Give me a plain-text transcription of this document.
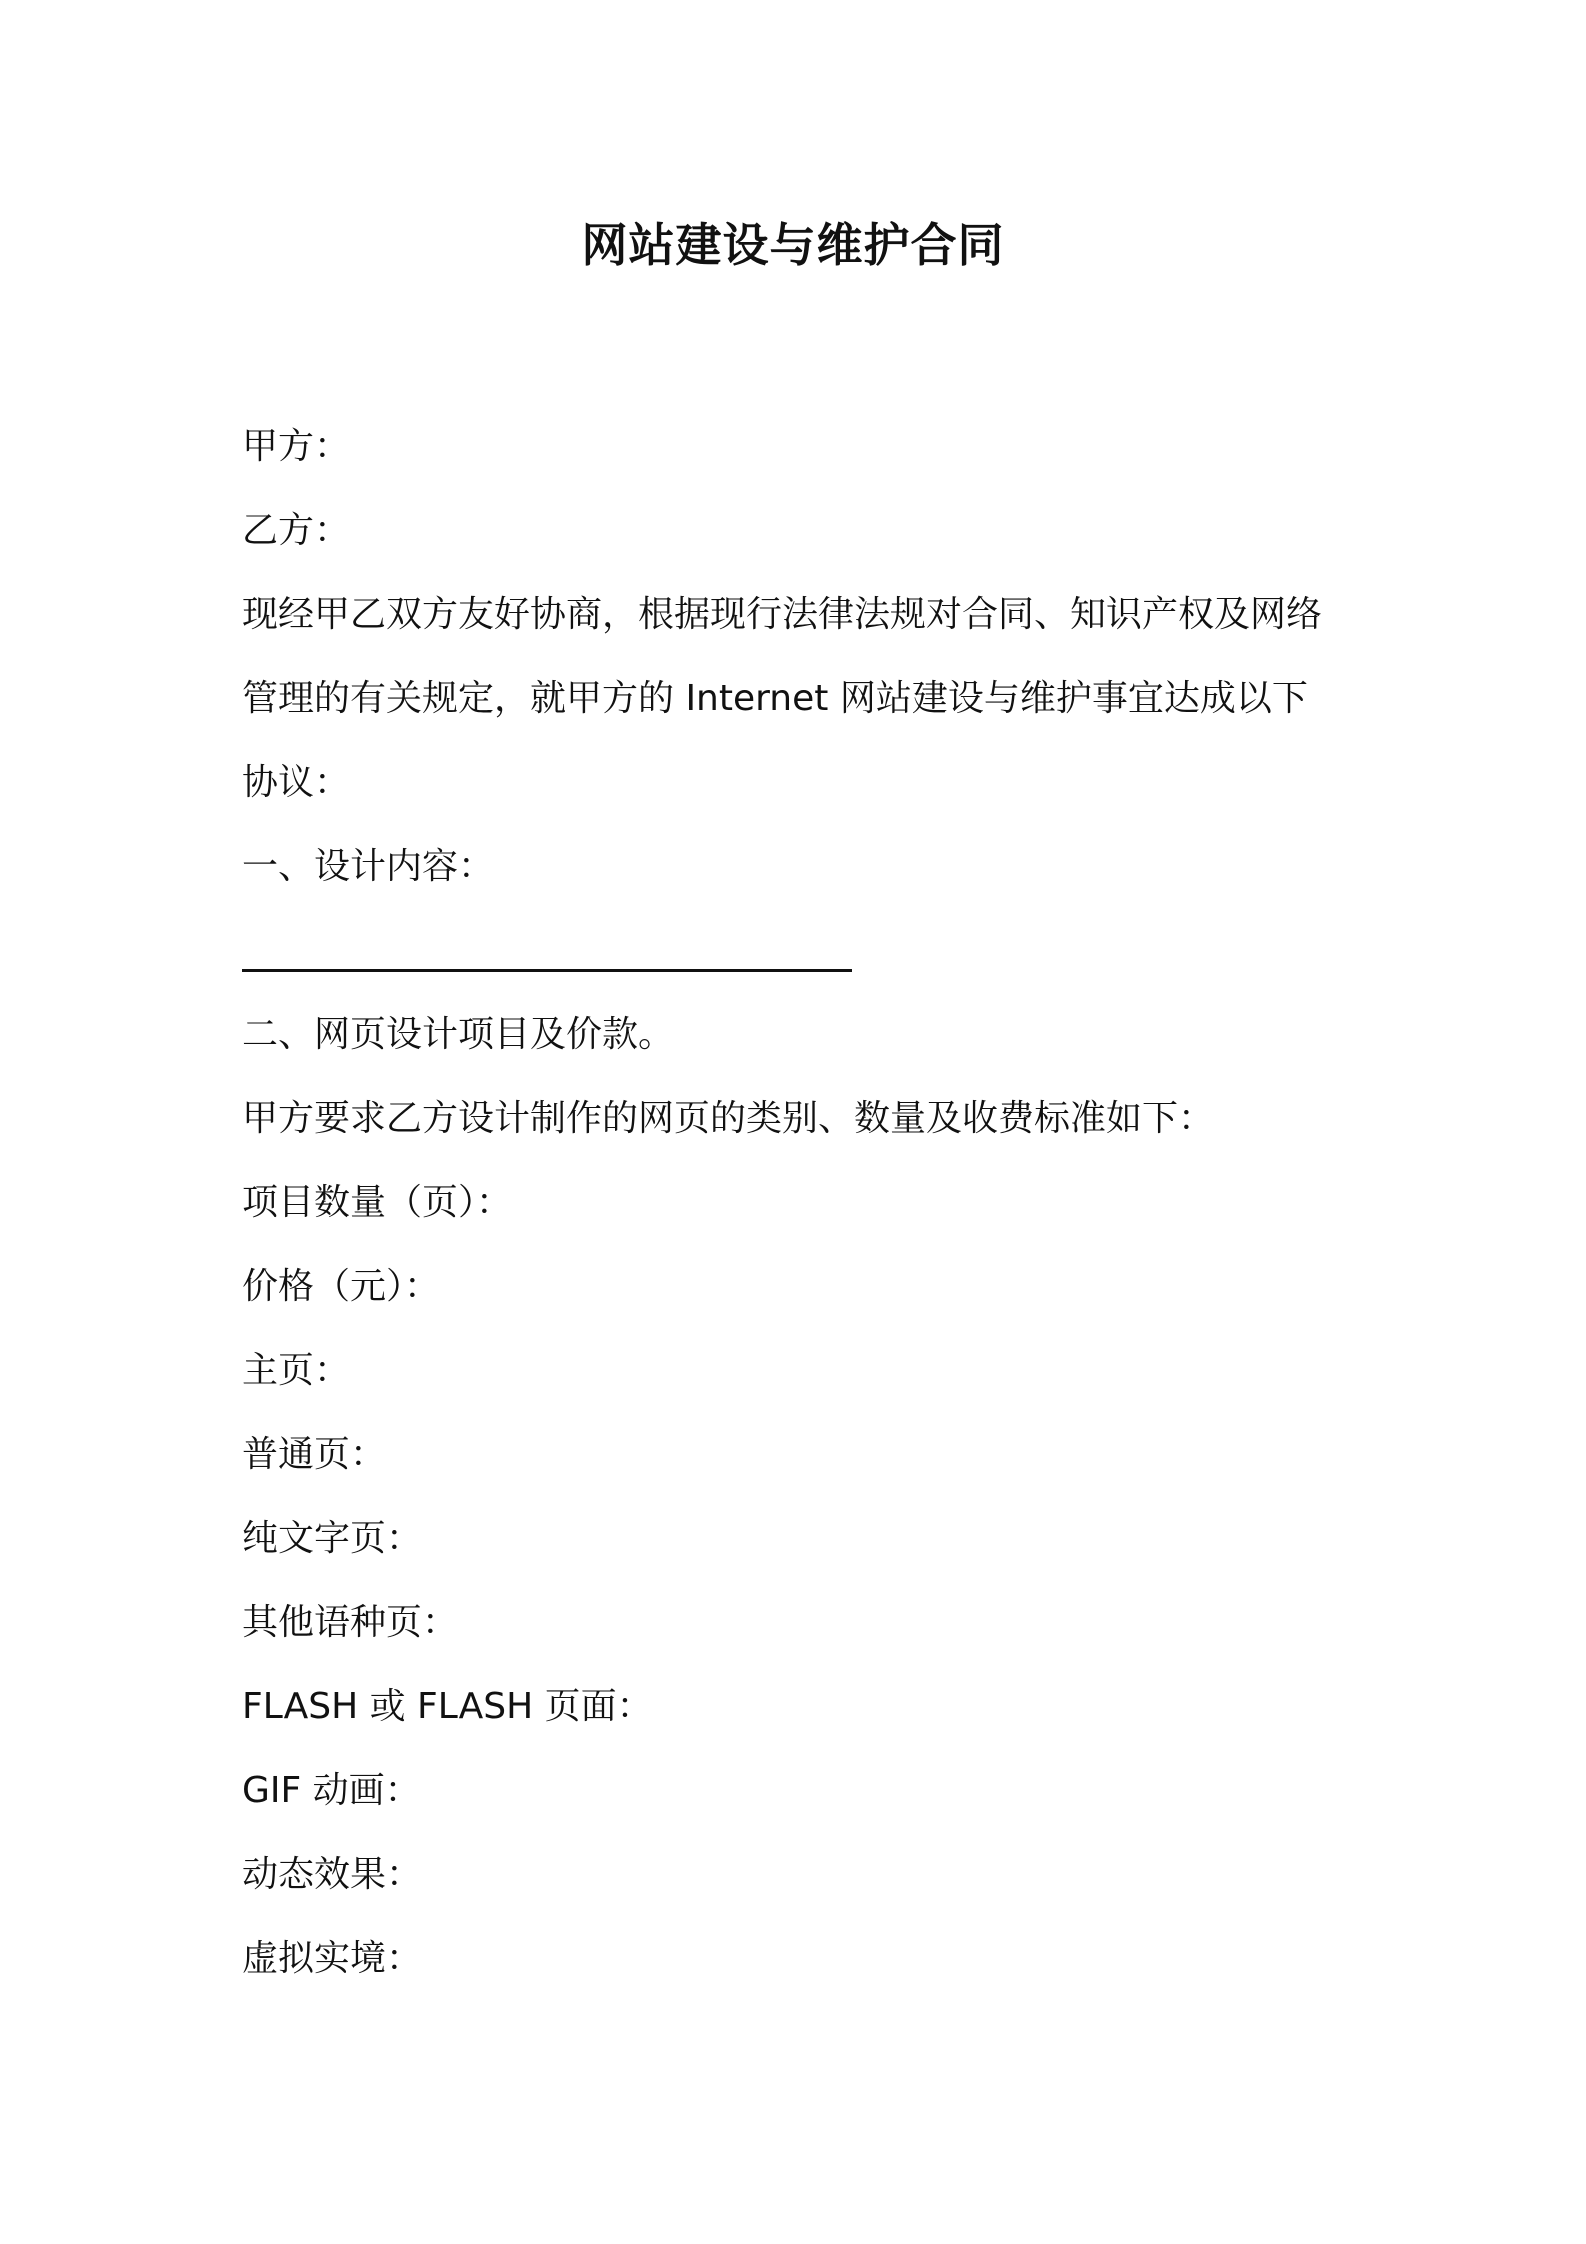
网站建设与维护合同
甲方：
乙方：
现经甲乙双方友好协商，根据现行法律法规对合同、知识产权及网络
管理的有关规定，就甲方的 Internet 网站建设与维护事宜达成以下
协议：
一、设计内容：
二、网页设计项目及价款。
甲方要求乙方设计制作的网页的类别、数量及收费标准如下：
项目数量（页）：
价格（元）：
主页：
普通页：
纯文字页：
其他语种页：
FLASH 或 FLASH 页面：
GIF 动画：
动态效果：
虚拟实境：
